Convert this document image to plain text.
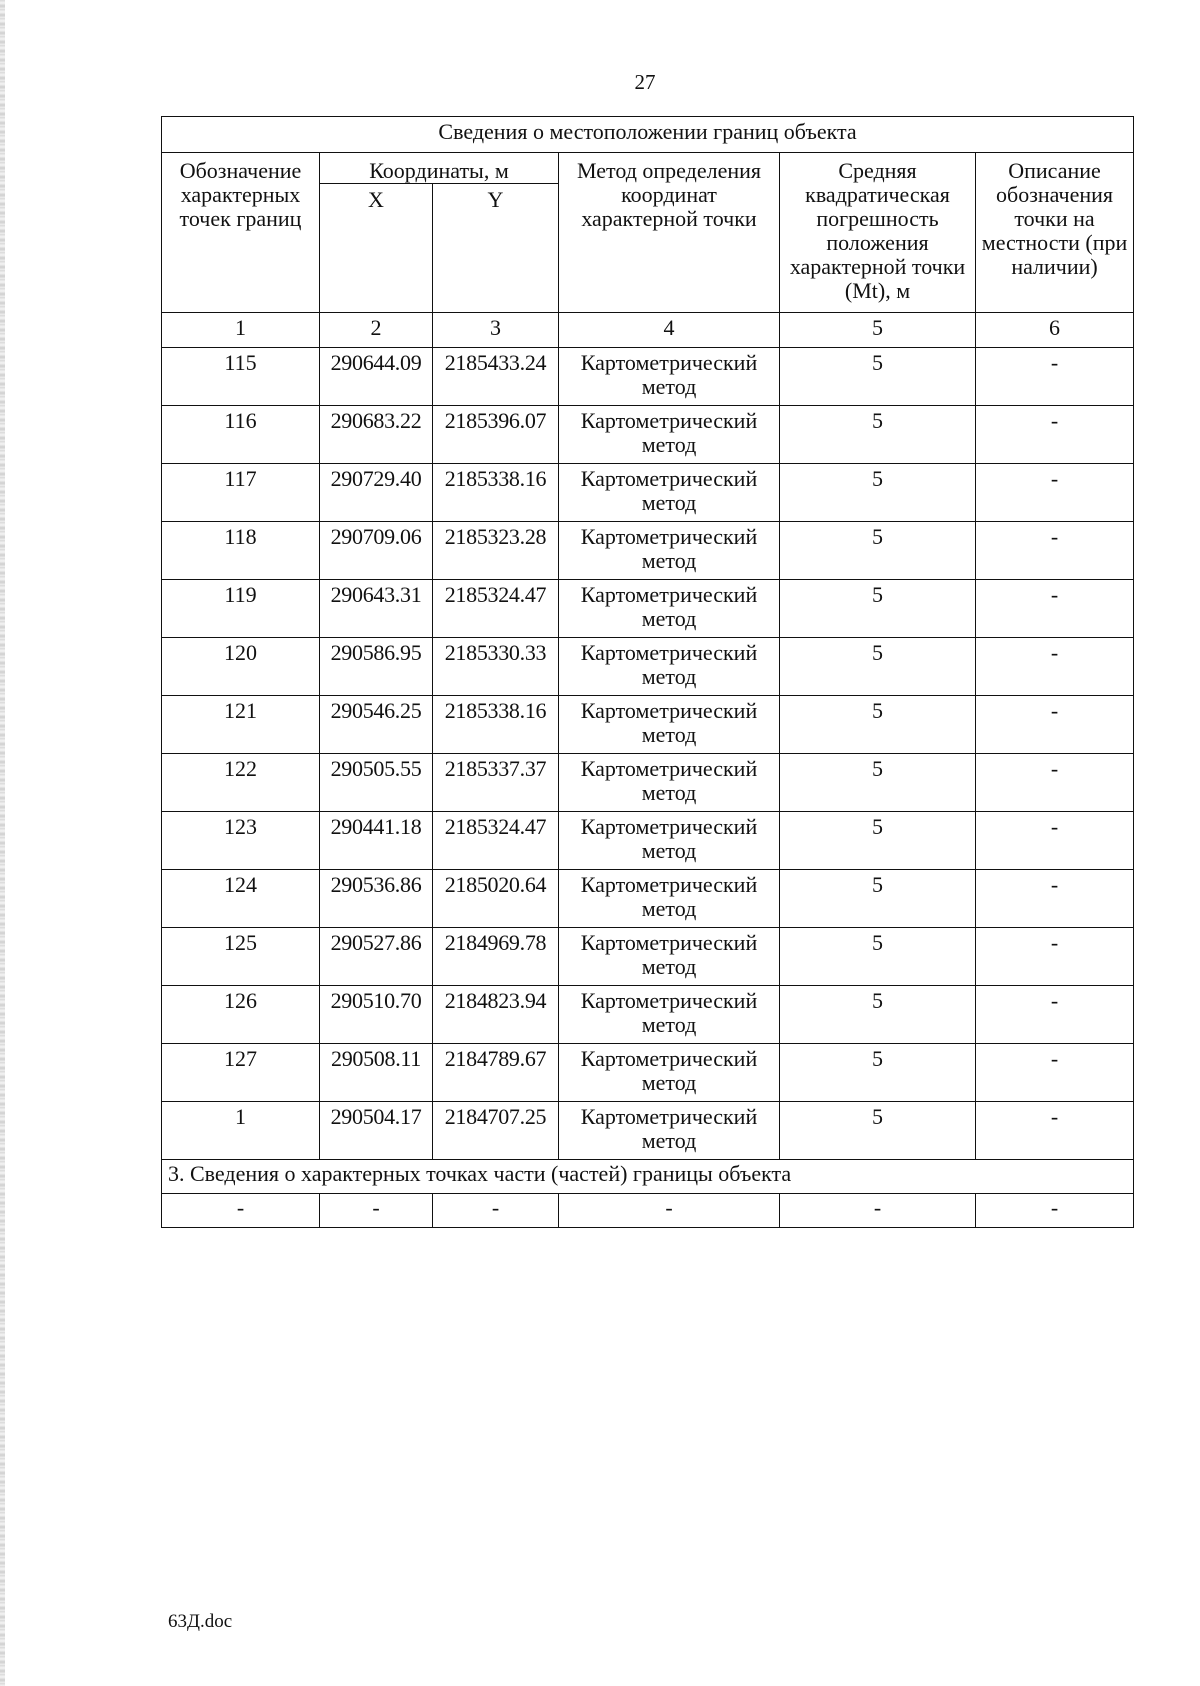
27
Сведения о местоположении границ объекта					
Обозначение характерных точек границ	Координаты, м		Метод определения координат характерной точки	Средняя квадратическая погрешность положения характерной точки (Mt), м	Описание обозначения точки на местности (при наличии)
	X	Y			
1	2	3	4	5	6
115	290644.09	2185433.24	Картометрический метод	5	-
116	290683.22	2185396.07	Картометрический метод	5	-
117	290729.40	2185338.16	Картометрический метод	5	-
118	290709.06	2185323.28	Картометрический метод	5	-
119	290643.31	2185324.47	Картометрический метод	5	-
120	290586.95	2185330.33	Картометрический метод	5	-
121	290546.25	2185338.16	Картометрический метод	5	-
122	290505.55	2185337.37	Картометрический метод	5	-
123	290441.18	2185324.47	Картометрический метод	5	-
124	290536.86	2185020.64	Картометрический метод	5	-
125	290527.86	2184969.78	Картометрический метод	5	-
126	290510.70	2184823.94	Картометрический метод	5	-
127	290508.11	2184789.67	Картометрический метод	5	-
1	290504.17	2184707.25	Картометрический метод	5	-
3. Сведения о характерных точках части (частей) границы объекта					
-	-	-	-	-	-
63Д.doc
